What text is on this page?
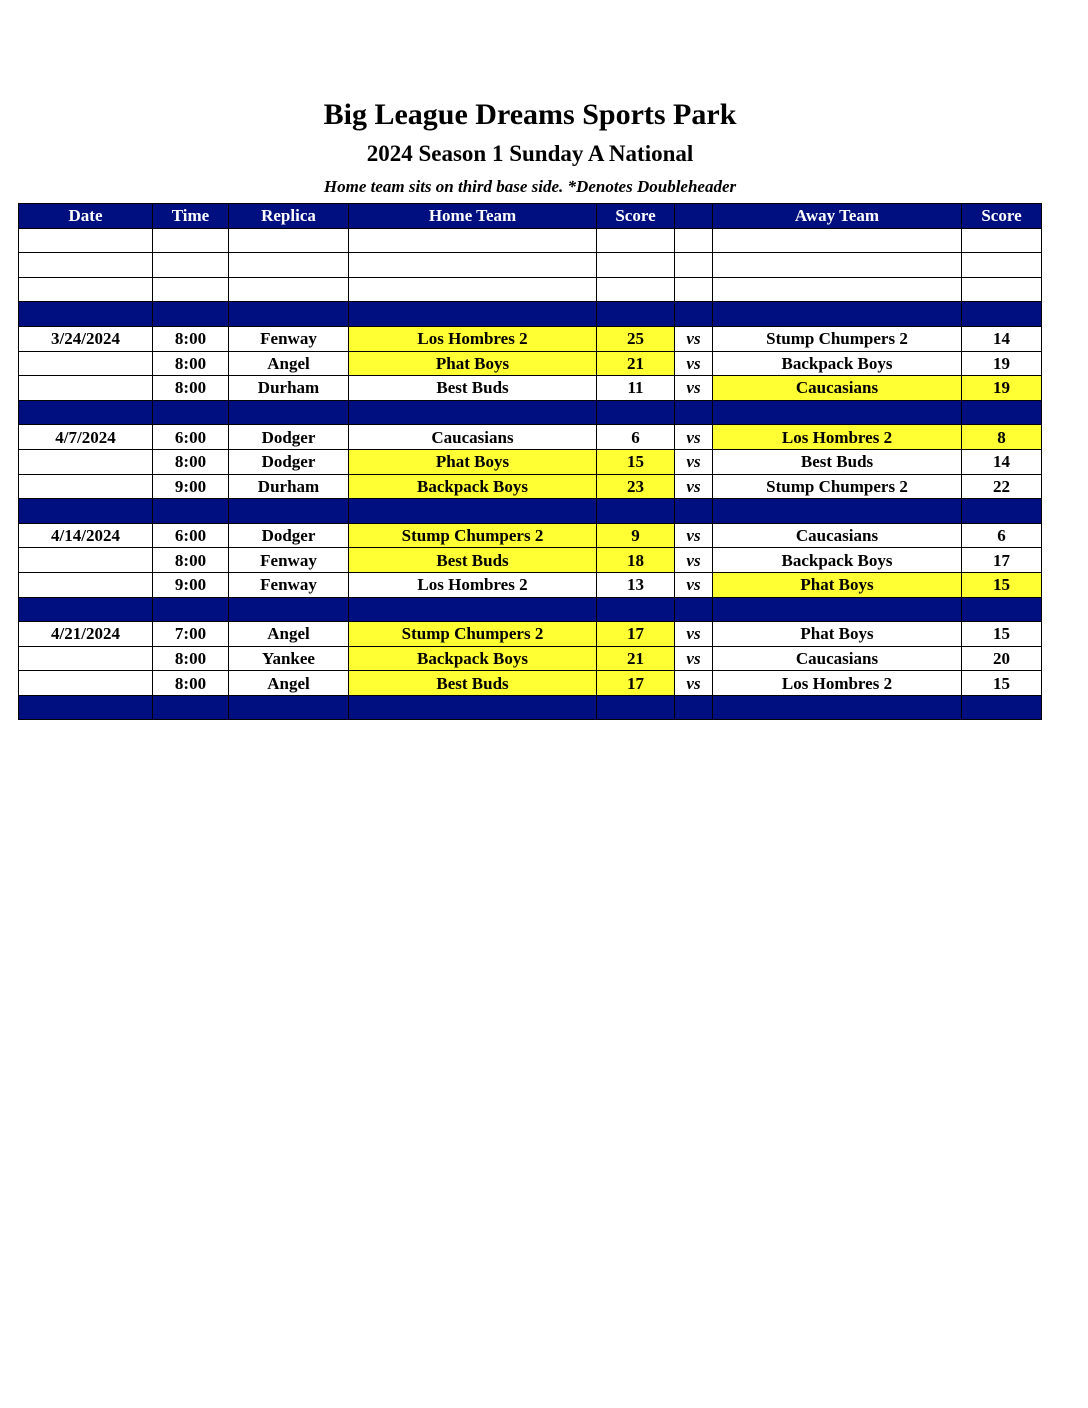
Big League Dreams Sports Park
2024 Season 1 Sunday A National
Home team sits on third base side. *Denotes Doubleheader
Date	Time	Replica	Home Team	Score		Away Team	Score

3/24/2024	8:00	Fenway	Los Hombres 2	25	vs	Stump Chumpers 2	14
	8:00	Angel	Phat Boys	21	vs	Backpack Boys	19
	8:00	Durham	Best Buds	11	vs	Caucasians	19

4/7/2024	6:00	Dodger	Caucasians	6	vs	Los Hombres 2	8
	8:00	Dodger	Phat Boys	15	vs	Best Buds	14
	9:00	Durham	Backpack Boys	23	vs	Stump Chumpers 2	22

4/14/2024	6:00	Dodger	Stump Chumpers 2	9	vs	Caucasians	6
	8:00	Fenway	Best Buds	18	vs	Backpack Boys	17
	9:00	Fenway	Los Hombres 2	13	vs	Phat Boys	15

4/21/2024	7:00	Angel	Stump Chumpers 2	17	vs	Phat Boys	15
	8:00	Yankee	Backpack Boys	21	vs	Caucasians	20
	8:00	Angel	Best Buds	17	vs	Los Hombres 2	15
